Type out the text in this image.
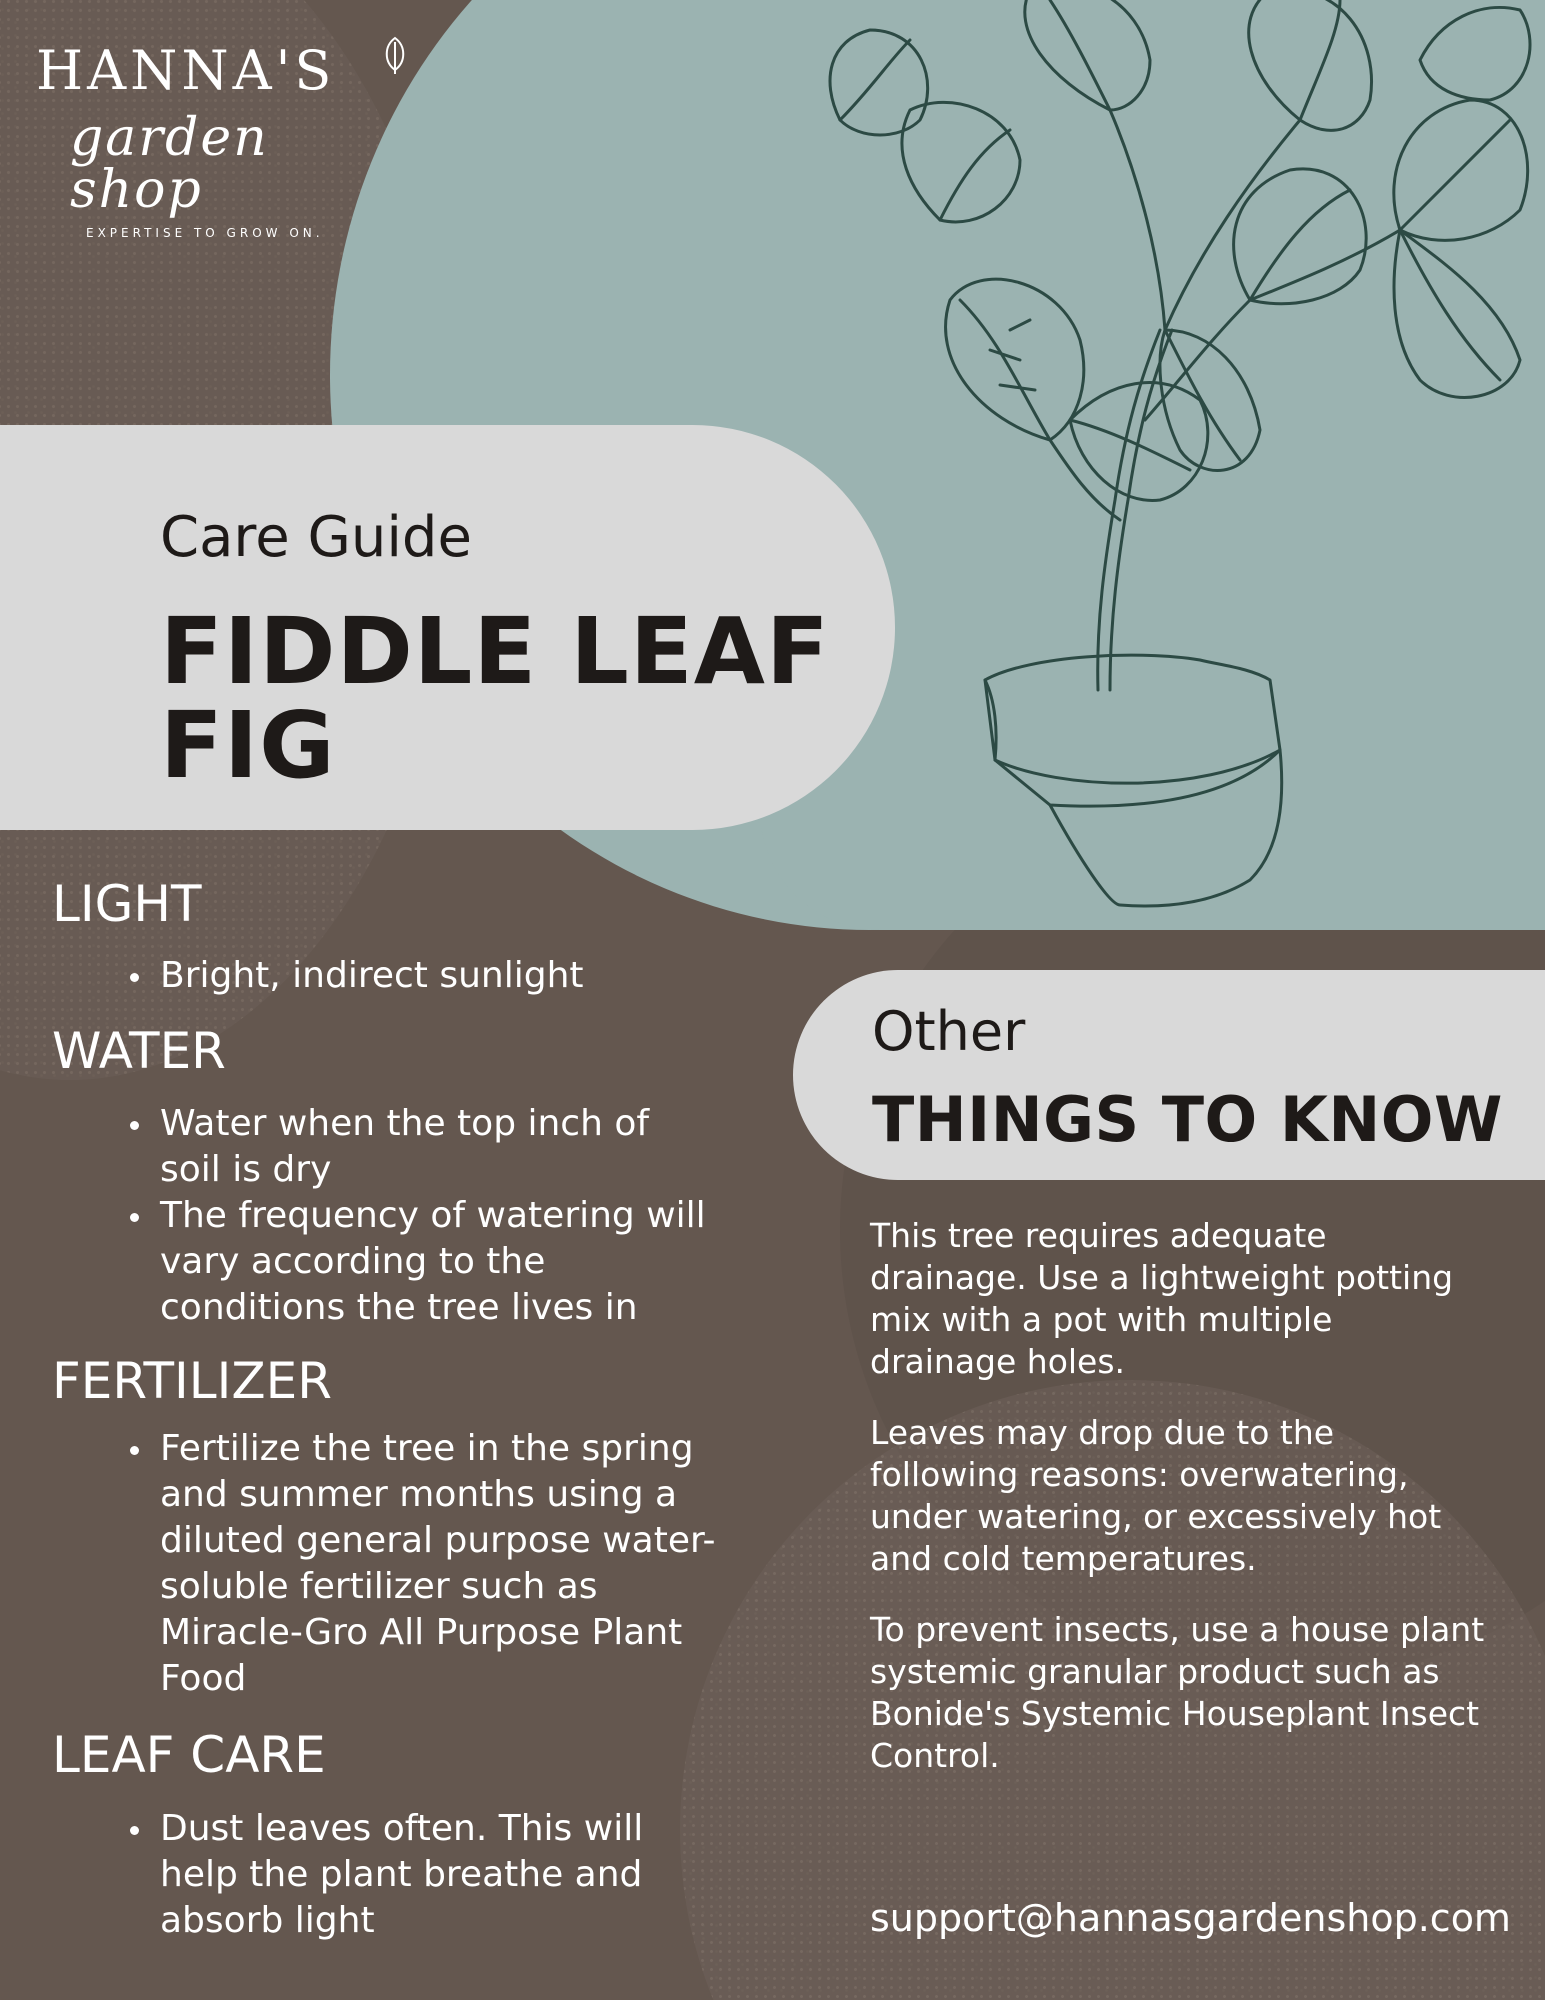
HANNA'S
garden shop
EXPERTISE TO GROW ON.
Care Guide
FIDDLE LEAF
FIG
LIGHT
Bright, indirect sunlight
WATER
Water when the top inch of soil is dry
The frequency of watering will vary according to the conditions the tree lives in
FERTILIZER
Fertilize the tree in the spring and summer months using a diluted general purpose water-soluble fertilizer such as Miracle-Gro All Purpose Plant Food
LEAF CARE
Dust leaves often. This will help the plant breathe and absorb light
Other
THINGS TO KNOW
This tree requires adequate drainage. Use a lightweight potting mix with a pot with multiple drainage holes.
Leaves may drop due to the following reasons: overwatering, under watering, or excessively hot and cold temperatures.
To prevent insects, use a house plant systemic granular product such as Bonide's Systemic Houseplant Insect Control.
support@hannasgardenshop.com
